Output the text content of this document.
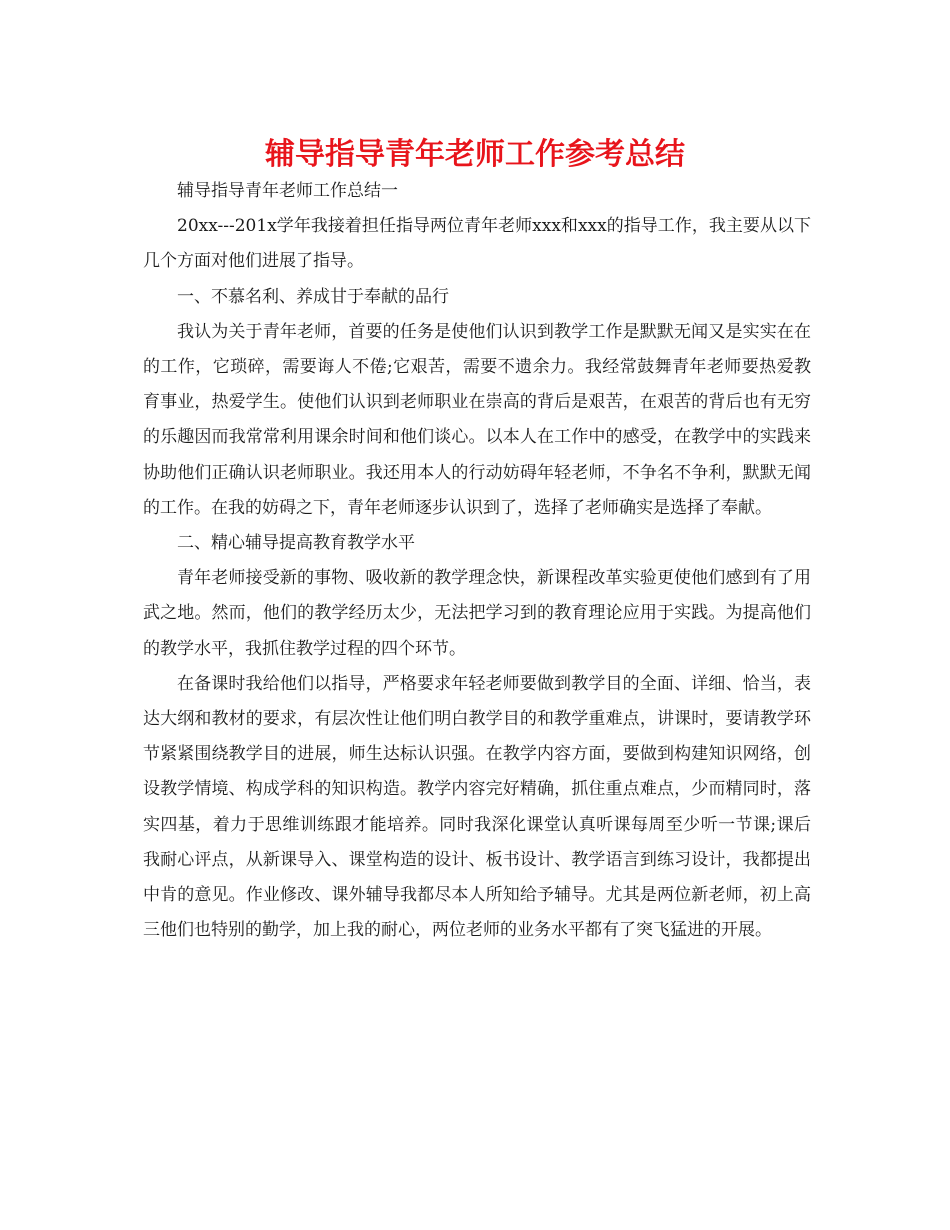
辅导指导青年老师工作参考总结

辅导指导青年老师工作总结一

20xx---201x学年我接着担任指导两位青年老师xxx和xxx的指导工作，我主要从以下几个方面对他们进展了指导。

一、不慕名利、养成甘于奉献的品行

我认为关于青年老师，首要的任务是使他们认识到教学工作是默默无闻又是实实在在的工作，它琐碎，需要诲人不倦;它艰苦，需要不遗余力。我经常鼓舞青年老师要热爱教育事业，热爱学生。使他们认识到老师职业在崇高的背后是艰苦，在艰苦的背后也有无穷的乐趣因而我常常利用课余时间和他们谈心。以本人在工作中的感受，在教学中的实践来协助他们正确认识老师职业。我还用本人的行动妨碍年轻老师，不争名不争利，默默无闻的工作。在我的妨碍之下，青年老师逐步认识到了，选择了老师确实是选择了奉献。

二、精心辅导提高教育教学水平

青年老师接受新的事物、吸收新的教学理念快，新课程改革实验更使他们感到有了用武之地。然而，他们的教学经历太少，无法把学习到的教育理论应用于实践。为提高他们的教学水平，我抓住教学过程的四个环节。

在备课时我给他们以指导，严格要求年轻老师要做到教学目的全面、详细、恰当，表达大纲和教材的要求，有层次性让他们明白教学目的和教学重难点，讲课时，要请教学环节紧紧围绕教学目的进展，师生达标认识强。在教学内容方面，要做到构建知识网络，创设教学情境、构成学科的知识构造。教学内容完好精确，抓住重点难点，少而精同时，落实四基，着力于思维训练跟才能培养。同时我深化课堂认真听课每周至少听一节课;课后我耐心评点，从新课导入、课堂构造的设计、板书设计、教学语言到练习设计，我都提出中肯的意见。作业修改、课外辅导我都尽本人所知给予辅导。尤其是两位新老师，初上高三他们也特别的勤学，加上我的耐心，两位老师的业务水平都有了突飞猛进的开展。
